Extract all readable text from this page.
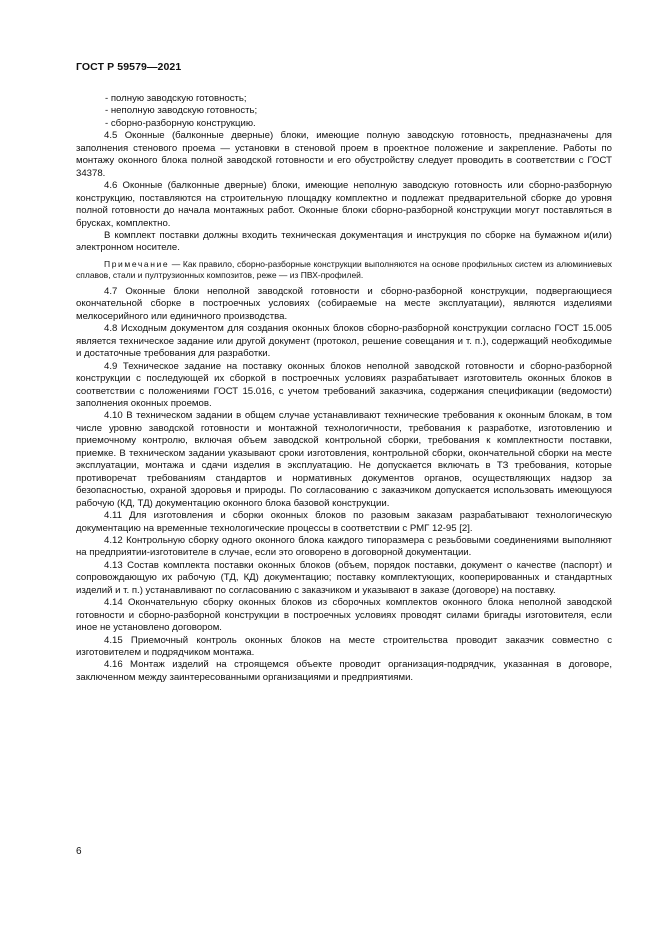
ГОСТ Р 59579—2021

- полную заводскую готовность;

- неполную заводскую готовность;

- сборно-разборную конструкцию.

4.5 Оконные (балконные дверные) блоки, имеющие полную заводскую готовность, предназначены для заполнения стенового проема — установки в стеновой проем в проектное положение и закрепление. Работы по монтажу оконного блока полной заводской готовности и его обустройству следует проводить в соответствии с ГОСТ 34378.

4.6 Оконные (балконные дверные) блоки, имеющие неполную заводскую готовность или сборно-разборную конструкцию, поставляются на строительную площадку комплектно и подлежат предварительной сборке до уровня полной готовности до начала монтажных работ. Оконные блоки сборно-разборной конструкции могут поставляться в брусках, комплектно.

В комплект поставки должны входить техническая документация и инструкция по сборке на бумажном и(или) электронном носителе.

Примечание — Как правило, сборно-разборные конструкции выполняются на основе профильных систем из алюминиевых сплавов, стали и пултрузионных композитов, реже — из ПВХ-профилей.

4.7 Оконные блоки неполной заводской готовности и сборно-разборной конструкции, подвергающиеся окончательной сборке в построечных условиях (собираемые на месте эксплуатации), являются изделиями мелкосерийного или единичного производства.

4.8 Исходным документом для создания оконных блоков сборно-разборной конструкции согласно ГОСТ 15.005 является техническое задание или другой документ (протокол, решение совещания и т. п.), содержащий необходимые и достаточные требования для разработки.

4.9 Техническое задание на поставку оконных блоков неполной заводской готовности и сборно-разборной конструкции с последующей их сборкой в построечных условиях разрабатывает изготовитель оконных блоков в соответствии с положениями ГОСТ 15.016, с учетом требований заказчика, содержания спецификации (ведомости) заполнения оконных проемов.

4.10 В техническом задании в общем случае устанавливают технические требования к оконным блокам, в том числе уровню заводской готовности и монтажной технологичности, требования к разработке, изготовлению и приемочному контролю, включая объем заводской контрольной сборки, требования к комплектности поставки, приемке. В техническом задании указывают сроки изготовления, контрольной сборки, окончательной сборки на месте эксплуатации, монтажа и сдачи изделия в эксплуатацию. Не допускается включать в ТЗ требования, которые противоречат требованиям стандартов и нормативных документов органов, осуществляющих надзор за безопасностью, охраной здоровья и природы. По согласованию с заказчиком допускается использовать имеющуюся рабочую (КД, ТД) документацию оконного блока базовой конструкции.

4.11 Для изготовления и сборки оконных блоков по разовым заказам разрабатывают технологическую документацию на временные технологические процессы в соответствии с РМГ 12-95 [2].

4.12 Контрольную сборку одного оконного блока каждого типоразмера с резьбовыми соединениями выполняют на предприятии-изготовителе в случае, если это оговорено в договорной документации.

4.13 Состав комплекта поставки оконных блоков (объем, порядок поставки, документ о качестве (паспорт) и сопровождающую их рабочую (ТД, КД) документацию; поставку комплектующих, кооперированных и стандартных изделий и т. п.) устанавливают по согласованию с заказчиком и указывают в заказе (договоре) на поставку.

4.14 Окончательную сборку оконных блоков из сборочных комплектов оконного блока неполной заводской готовности и сборно-разборной конструкции в построечных условиях проводят силами бригады изготовителя, если иное не установлено договором.

4.15 Приемочный контроль оконных блоков на месте строительства проводит заказчик совместно с изготовителем и подрядчиком монтажа.

4.16 Монтаж изделий на строящемся объекте проводит организация-подрядчик, указанная в договоре, заключенном между заинтересованными организациями и предприятиями.

6
